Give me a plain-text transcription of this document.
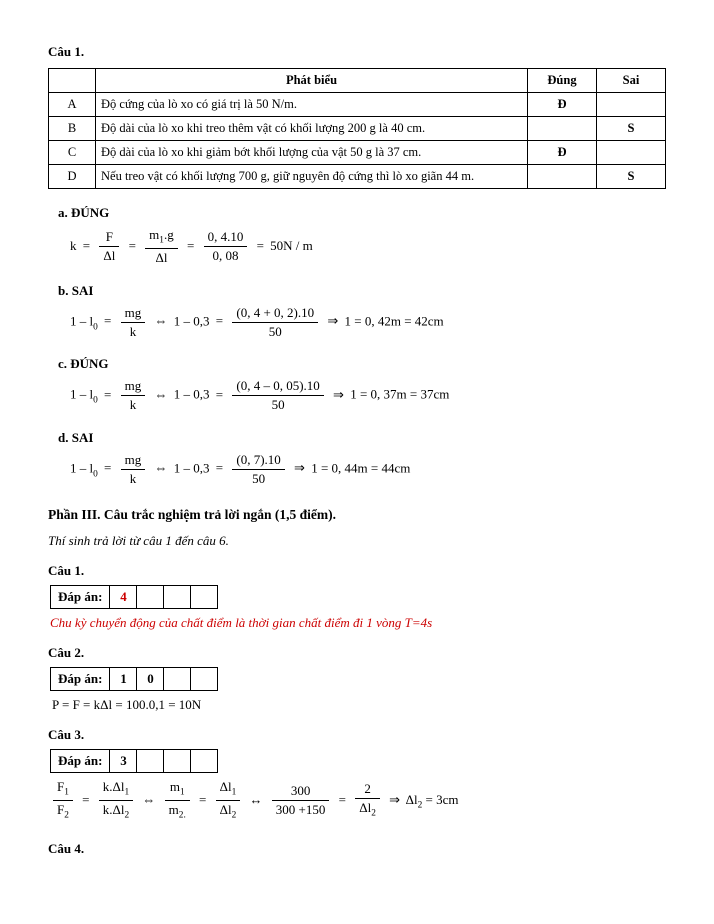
Câu 1.
	Phát biểu	Đúng	Sai
A	Độ cứng của lò xo có giá trị là 50 N/m.	Đ	
B	Độ dài của lò xo khi treo thêm vật có khối lượng 200 g là 40 cm.		S
C	Độ dài của lò xo khi giảm bớt khối lượng của vật 50 g là 37 cm.	Đ	
D	Nếu treo vật có khối lượng 700 g, giữ nguyên độ cứng thì lò xo giãn 44 m.		S
a. ĐÚNG
$k = \frac{F}{\Delta l} = \frac{m_1.g}{\Delta l} = \frac{0, 4.10}{0, 08} = 50N / m$
b. SAI
$1 - l_0 = \frac{mg}{k}$ ⇔ $1 - 0,3 = \frac{(0, 4 + 0, 2).10}{50}$ ⇒ 1 = 0, 42m = 42cm
c. ĐÚNG
$1 - l_0 = \frac{mg}{k}$ ⇔ $1 - 0,3 = \frac{(0, 4 - 0, 05).10}{50}$ ⇒ 1 = 0, 37m = 37cm
d. SAI
$1 - l_0 = \frac{mg}{k}$ ⇔ $1 - 0,3 = \frac{(0, 7).10}{50}$ ⇒ 1 = 0, 44m = 44cm
Phần III. Câu trắc nghiệm trả lời ngắn (1,5 điểm).
Thí sinh trả lời từ câu 1 đến câu 6.
Câu 1.
Đáp án:	4			
Chu kỳ chuyển động của chất điểm là thời gian chất điểm đi 1 vòng T=4s
Câu 2.
Đáp án:	1	0		
P = F = kΔl = 100.0,1 = 10N
Câu 3.
Đáp án:	3			
$\frac{F_1}{F_2} = \frac{k.\Delta l_1}{k.\Delta l_2}$ ⇔ $\frac{m_1}{m_{2.}} = \frac{\Delta l_1}{\Delta l_2}$ ↔ $\frac{300}{300 +150} = \frac{2}{\Delta l_2}$ ⇒ $\Delta l_2 = 3cm$
Câu 4.
